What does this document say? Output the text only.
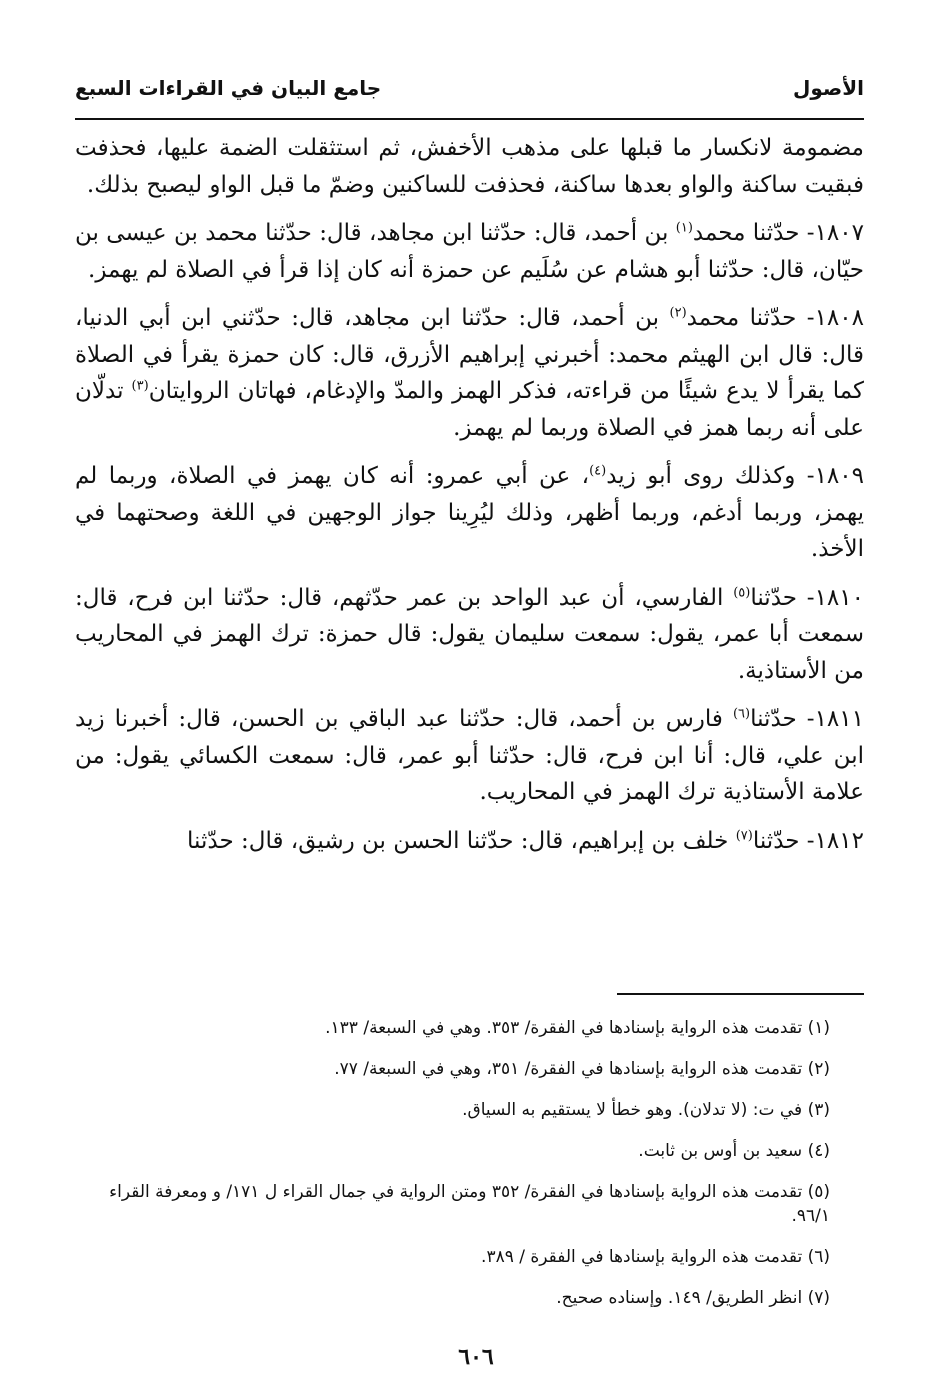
الأصول
جامع البيان في القراءات السبع

مضمومة لانكسار ما قبلها على مذهب الأخفش، ثم استثقلت الضمة عليها، فحذفت فبقيت ساكنة والواو بعدها ساكنة، فحذفت للساكنين وضمّ ما قبل الواو ليصبح بذلك.

١٨٠٧- حدّثنا محمد$^{(١)}$ بن أحمد، قال: حدّثنا ابن مجاهد، قال: حدّثنا محمد بن عيسى بن حيّان، قال: حدّثنا أبو هشام عن سُلَيم عن حمزة أنه كان إذا قرأ في الصلاة لم يهمز.

١٨٠٨- حدّثنا محمد$^{(٢)}$ بن أحمد، قال: حدّثنا ابن مجاهد، قال: حدّثني ابن أبي الدنيا، قال: قال ابن الهيثم محمد: أخبرني إبراهيم الأزرق، قال: كان حمزة يقرأ في الصلاة كما يقرأ لا يدع شيئًا من قراءته، فذكر الهمز والمدّ والإدغام، فهاتان الروايتان$^{(٣)}$ تدلّان على أنه ربما همز في الصلاة وربما لم يهمز.

١٨٠٩- وكذلك روى أبو زيد$^{(٤)}$، عن أبي عمرو: أنه كان يهمز في الصلاة، وربما لم يهمز، وربما أدغم، وربما أظهر، وذلك ليُرِينا جواز الوجهين في اللغة وصحتهما في الأخذ.

١٨١٠- حدّثنا$^{(٥)}$ الفارسي، أن عبد الواحد بن عمر حدّثهم، قال: حدّثنا ابن فرح، قال: سمعت أبا عمر، يقول: سمعت سليمان يقول: قال حمزة: ترك الهمز في المحاريب من الأستاذية.

١٨١١- حدّثنا$^{(٦)}$ فارس بن أحمد، قال: حدّثنا عبد الباقي بن الحسن، قال: أخبرنا زيد ابن علي، قال: أنا ابن فرح، قال: حدّثنا أبو عمر، قال: سمعت الكسائي يقول: من علامة الأستاذية ترك الهمز في المحاريب.

١٨١٢- حدّثنا$^{(٧)}$ خلف بن إبراهيم، قال: حدّثنا الحسن بن رشيق، قال: حدّثنا

(١) تقدمت هذه الرواية بإسنادها في الفقرة/ ٣٥٣. وهي في السبعة/ ١٣٣.
(٢) تقدمت هذه الرواية بإسنادها في الفقرة/ ٣٥١، وهي في السبعة/ ٧٧.
(٣) في ت: (لا تدلان). وهو خطأ لا يستقيم به السياق.
(٤) سعيد بن أوس بن ثابت.
(٥) تقدمت هذه الرواية بإسنادها في الفقرة/ ٣٥٢ ومتن الرواية في جمال القراء ل ١٧١/ و ومعرفة القراء ٩٦/١.
(٦) تقدمت هذه الرواية بإسنادها في الفقرة / ٣٨٩.
(٧) انظر الطريق/ ١٤٩. وإسناده صحيح.
٦٠٦
